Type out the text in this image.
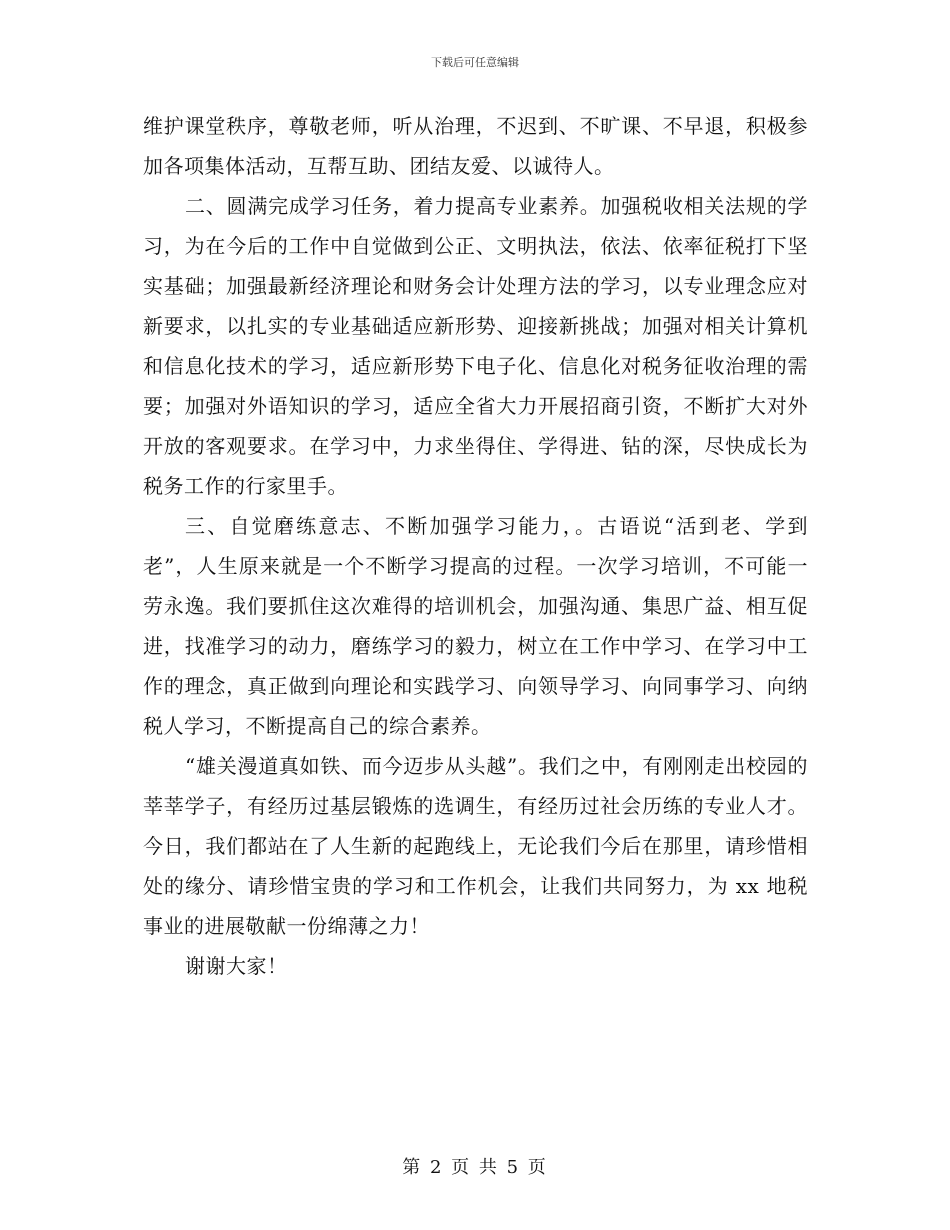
下载后可任意编辑

维护课堂秩序，尊敬老师，听从治理，不迟到、不旷课、不早退，积极参加各项集体活动，互帮互助、团结友爱、以诚待人。

二、圆满完成学习任务，着力提高专业素养。加强税收相关法规的学习，为在今后的工作中自觉做到公正、文明执法，依法、依率征税打下坚实基础；加强最新经济理论和财务会计处理方法的学习，以专业理念应对新要求，以扎实的专业基础适应新形势、迎接新挑战；加强对相关计算机和信息化技术的学习，适应新形势下电子化、信息化对税务征收治理的需要；加强对外语知识的学习，适应全省大力开展招商引资，不断扩大对外开放的客观要求。在学习中，力求坐得住、学得进、钻的深，尽快成长为税务工作的行家里手。

三、自觉磨练意志、不断加强学习能力，。古语说“活到老、学到老”，人生原来就是一个不断学习提高的过程。一次学习培训，不可能一劳永逸。我们要抓住这次难得的培训机会，加强沟通、集思广益、相互促进，找准学习的动力，磨练学习的毅力，树立在工作中学习、在学习中工作的理念，真正做到向理论和实践学习、向领导学习、向同事学习、向纳税人学习，不断提高自己的综合素养。

“雄关漫道真如铁、而今迈步从头越”。我们之中，有刚刚走出校园的莘莘学子，有经历过基层锻炼的选调生，有经历过社会历练的专业人才。今日，我们都站在了人生新的起跑线上，无论我们今后在那里，请珍惜相处的缘分、请珍惜宝贵的学习和工作机会，让我们共同努力，为 xx 地税事业的进展敬献一份绵薄之力！

谢谢大家！

第 2 页 共 5 页
